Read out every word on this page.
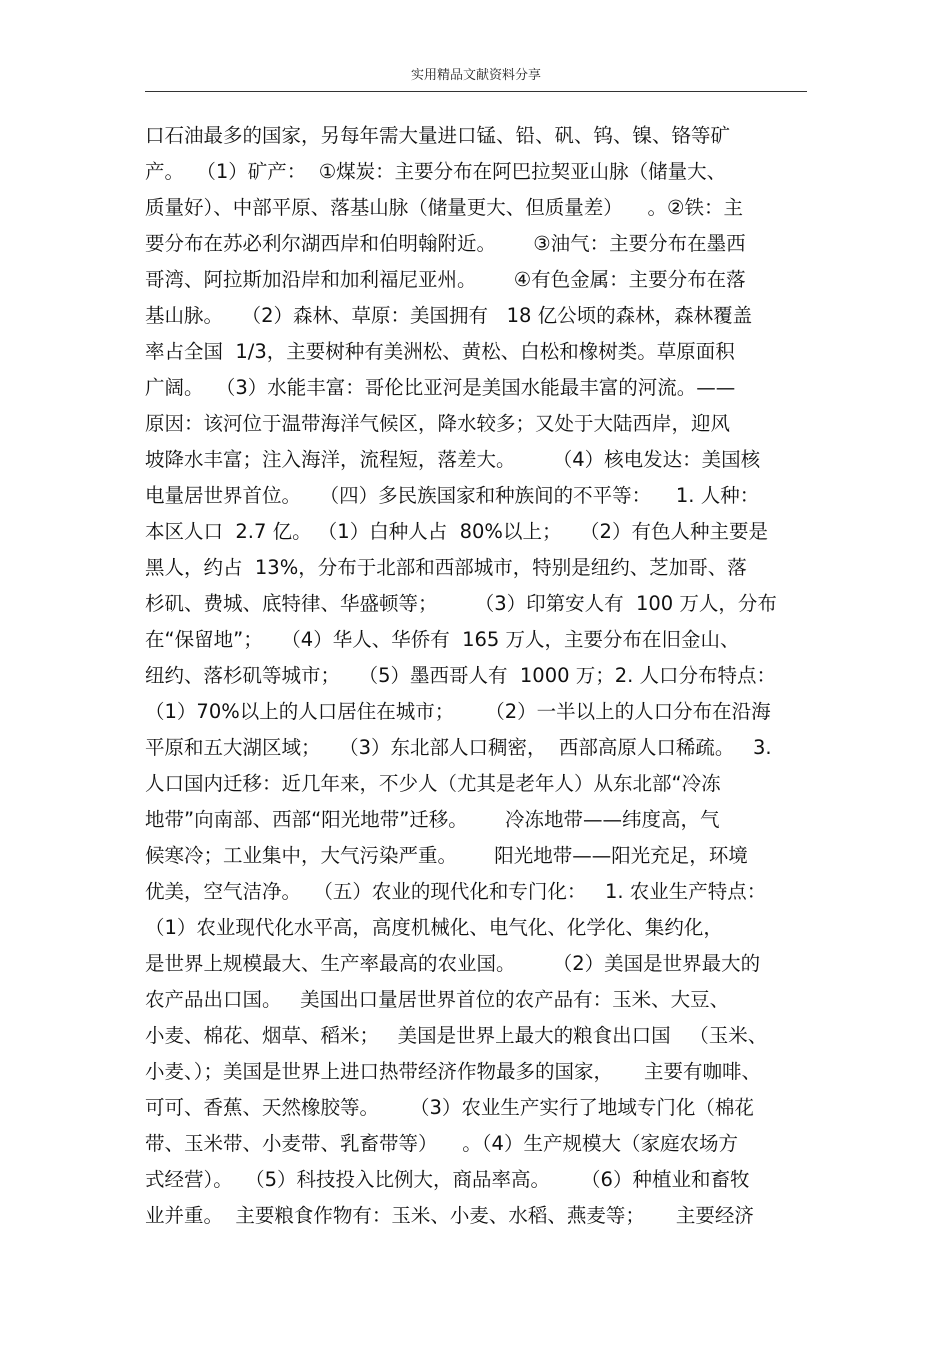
实用精品文献资料分享
口石油最多的国家，另每年需大量进口锰、铅、矾、钨、镍、铬等矿
产。  （1）矿产：  ①煤炭：主要分布在阿巴拉契亚山脉（储量大、
质量好）、中部平原、落基山脉（储量更大、但质量差）    。②铁：主
要分布在苏必利尔湖西岸和伯明翰附近。      ③油气：主要分布在墨西
哥湾、阿拉斯加沿岸和加利福尼亚州。      ④有色金属：主要分布在落
基山脉。   （2）森林、草原：美国拥有   18 亿公顷的森林，森林覆盖
率占全国  1/3，主要树种有美洲松、黄松、白松和橡树类。草原面积
广阔。  （3）水能丰富：哥伦比亚河是美国水能最丰富的河流。——
原因：该河位于温带海洋气候区，降水较多；又处于大陆西岸，迎风
坡降水丰富；注入海洋，流程短，落差大。      （4）核电发达：美国核
电量居世界首位。   （四）多民族国家和种族间的不平等：    1. 人种：
本区人口  2.7 亿。 （1）白种人占  80%以上；   （2）有色人种主要是
黑人，约占  13%，分布于北部和西部城市，特别是纽约、芝加哥、落
杉矶、费城、底特律、华盛顿等；      （3）印第安人有  100 万人，分布
在“保留地”；   （4）华人、华侨有  165 万人，主要分布在旧金山、
纽约、落杉矶等城市；   （5）墨西哥人有  1000 万；2. 人口分布特点：
（1）70%以上的人口居住在城市；     （2）一半以上的人口分布在沿海
平原和五大湖区域；   （3）东北部人口稠密，  西部高原人口稀疏。   3.
人口国内迁移：近几年来，不少人（尤其是老年人）从东北部“冷冻
地带”向南部、西部“阳光地带”迁移。      冷冻地带——纬度高，气
候寒冷；工业集中，大气污染严重。      阳光地带——阳光充足，环境
优美，空气洁净。  （五）农业的现代化和专门化：   1. 农业生产特点：
（1）农业现代化水平高，高度机械化、电气化、化学化、集约化，
是世界上规模最大、生产率最高的农业国。      （2）美国是世界最大的
农产品出口国。   美国出口量居世界首位的农产品有：玉米、大豆、
小麦、棉花、烟草、稻米；   美国是世界上最大的粮食出口国   （玉米、
小麦、）；美国是世界上进口热带经济作物最多的国家，     主要有咖啡、
可可、香蕉、天然橡胶等。     （3）农业生产实行了地域专门化（棉花
带、玉米带、小麦带、乳畜带等）    。（4）生产规模大（家庭农场方
式经营）。  （5）科技投入比例大，商品率高。     （6）种植业和畜牧
业并重。  主要粮食作物有：玉米、小麦、水稻、燕麦等；     主要经济
